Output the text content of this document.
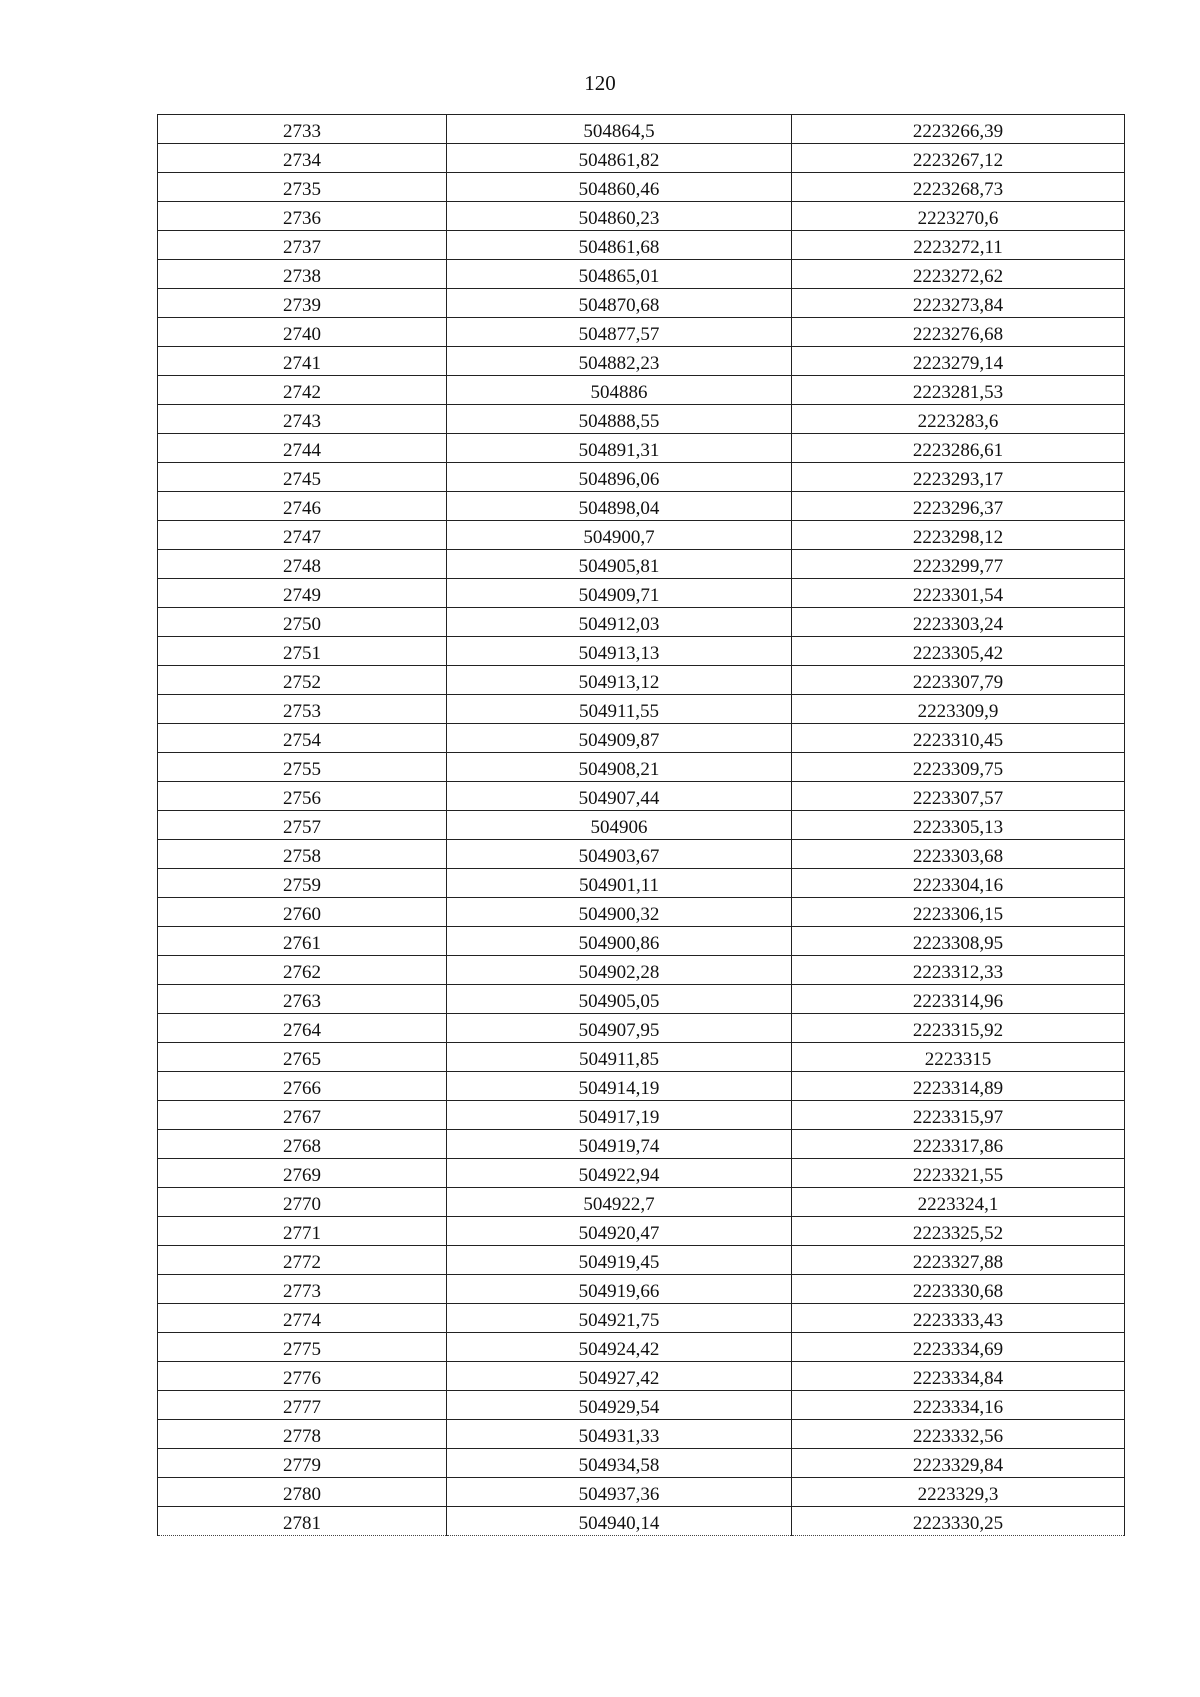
120
2733	504864,5	2223266,39
2734	504861,82	2223267,12
2735	504860,46	2223268,73
2736	504860,23	2223270,6
2737	504861,68	2223272,11
2738	504865,01	2223272,62
2739	504870,68	2223273,84
2740	504877,57	2223276,68
2741	504882,23	2223279,14
2742	504886	2223281,53
2743	504888,55	2223283,6
2744	504891,31	2223286,61
2745	504896,06	2223293,17
2746	504898,04	2223296,37
2747	504900,7	2223298,12
2748	504905,81	2223299,77
2749	504909,71	2223301,54
2750	504912,03	2223303,24
2751	504913,13	2223305,42
2752	504913,12	2223307,79
2753	504911,55	2223309,9
2754	504909,87	2223310,45
2755	504908,21	2223309,75
2756	504907,44	2223307,57
2757	504906	2223305,13
2758	504903,67	2223303,68
2759	504901,11	2223304,16
2760	504900,32	2223306,15
2761	504900,86	2223308,95
2762	504902,28	2223312,33
2763	504905,05	2223314,96
2764	504907,95	2223315,92
2765	504911,85	2223315
2766	504914,19	2223314,89
2767	504917,19	2223315,97
2768	504919,74	2223317,86
2769	504922,94	2223321,55
2770	504922,7	2223324,1
2771	504920,47	2223325,52
2772	504919,45	2223327,88
2773	504919,66	2223330,68
2774	504921,75	2223333,43
2775	504924,42	2223334,69
2776	504927,42	2223334,84
2777	504929,54	2223334,16
2778	504931,33	2223332,56
2779	504934,58	2223329,84
2780	504937,36	2223329,3
2781	504940,14	2223330,25
